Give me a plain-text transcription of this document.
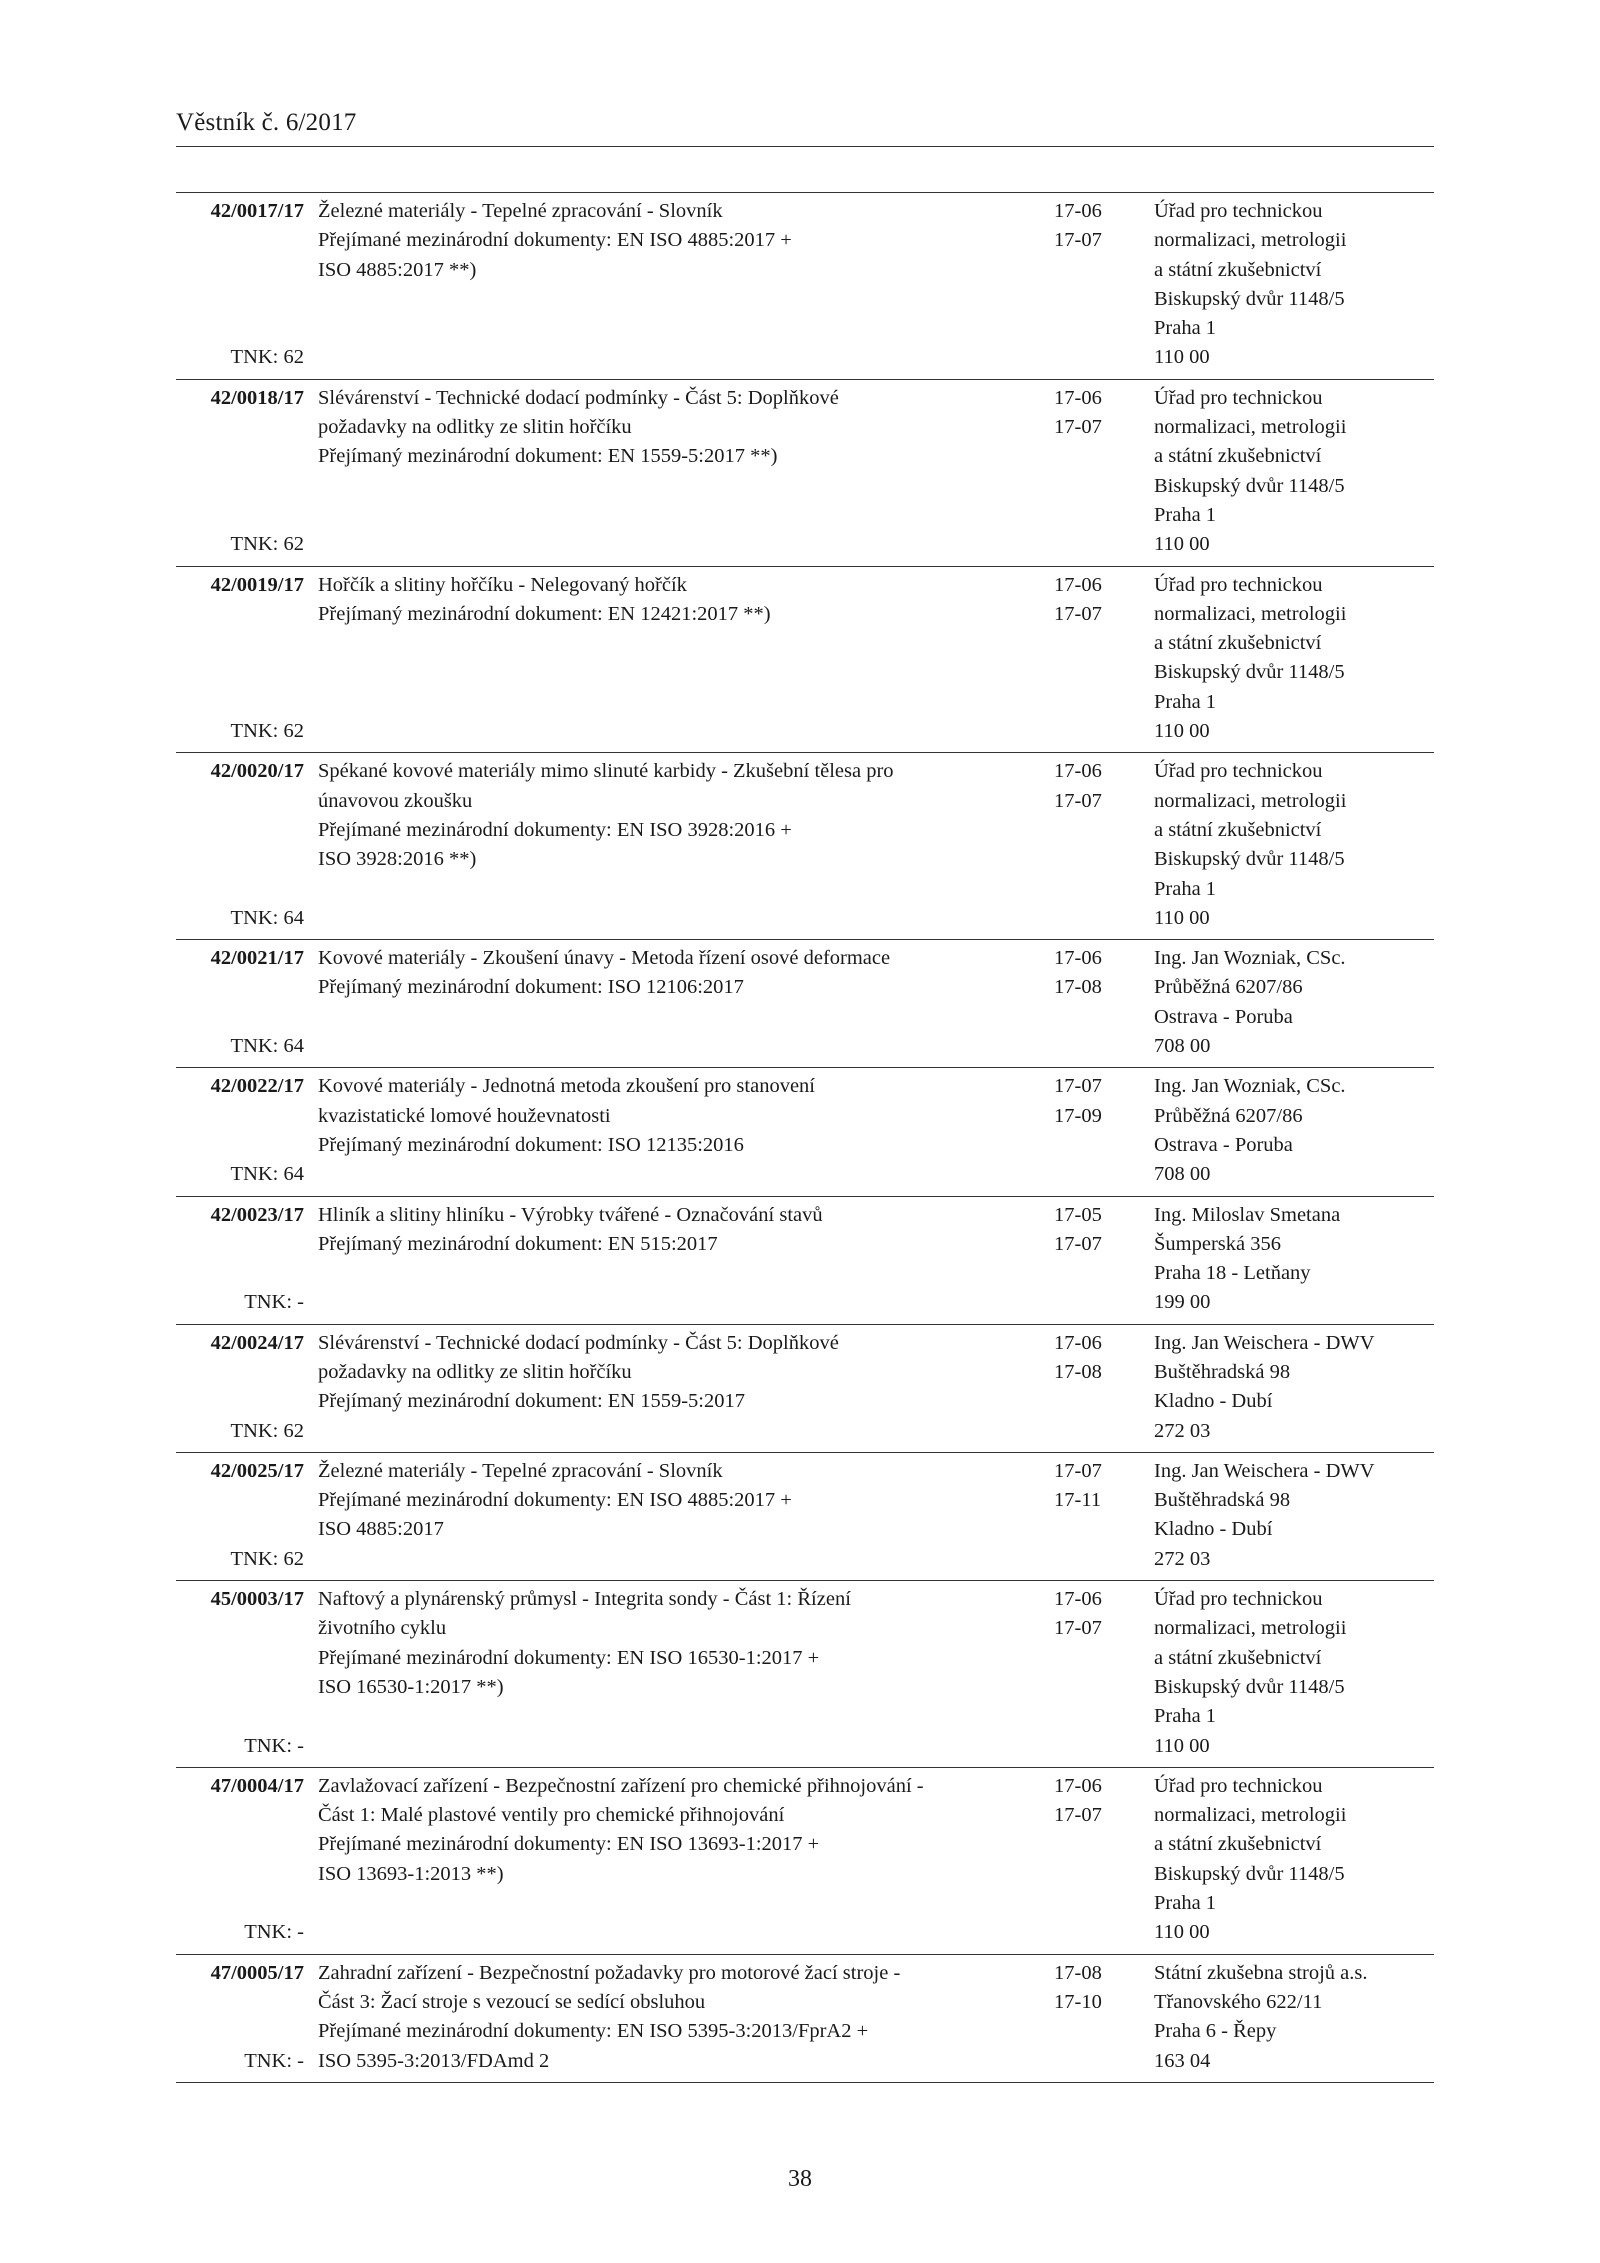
Věstník č. 6/2017
42/0017/17
TNK: 62
Železné materiály - Tepelné zpracování - Slovník
Přejímané mezinárodní dokumenty: EN ISO 4885:2017 +
ISO 4885:2017 **)
17-06
17-07
Úřad pro technickou
normalizaci, metrologii
a státní zkušebnictví
Biskupský dvůr 1148/5
Praha 1
110 00
42/0018/17
TNK: 62
Slévárenství - Technické dodací podmínky - Část 5: Doplňkové
požadavky na odlitky ze slitin hořčíku
Přejímaný mezinárodní dokument: EN 1559-5:2017 **)
17-06
17-07
Úřad pro technickou
normalizaci, metrologii
a státní zkušebnictví
Biskupský dvůr 1148/5
Praha 1
110 00
42/0019/17
TNK: 62
Hořčík a slitiny hořčíku - Nelegovaný hořčík
Přejímaný mezinárodní dokument: EN 12421:2017 **)
17-06
17-07
Úřad pro technickou
normalizaci, metrologii
a státní zkušebnictví
Biskupský dvůr 1148/5
Praha 1
110 00
42/0020/17
TNK: 64
Spékané kovové materiály mimo slinuté karbidy - Zkušební tělesa pro
únavovou zkoušku
Přejímané mezinárodní dokumenty: EN ISO 3928:2016 +
ISO 3928:2016 **)
17-06
17-07
Úřad pro technickou
normalizaci, metrologii
a státní zkušebnictví
Biskupský dvůr 1148/5
Praha 1
110 00
42/0021/17
TNK: 64
Kovové materiály - Zkoušení únavy - Metoda řízení osové deformace
Přejímaný mezinárodní dokument: ISO 12106:2017
17-06
17-08
Ing. Jan Wozniak, CSc.
Průběžná 6207/86
Ostrava - Poruba
708 00
42/0022/17
TNK: 64
Kovové materiály - Jednotná metoda zkoušení pro stanovení
kvazistatické lomové houževnatosti
Přejímaný mezinárodní dokument: ISO 12135:2016
17-07
17-09
Ing. Jan Wozniak, CSc.
Průběžná 6207/86
Ostrava - Poruba
708 00
42/0023/17
TNK: -
Hliník a slitiny hliníku - Výrobky tvářené - Označování stavů
Přejímaný mezinárodní dokument: EN 515:2017
17-05
17-07
Ing. Miloslav Smetana
Šumperská 356
Praha 18 - Letňany
199 00
42/0024/17
TNK: 62
Slévárenství - Technické dodací podmínky - Část 5: Doplňkové
požadavky na odlitky ze slitin hořčíku
Přejímaný mezinárodní dokument: EN 1559-5:2017
17-06
17-08
Ing. Jan Weischera - DWV
Buštěhradská 98
Kladno - Dubí
272 03
42/0025/17
TNK: 62
Železné materiály - Tepelné zpracování - Slovník
Přejímané mezinárodní dokumenty: EN ISO 4885:2017 +
ISO 4885:2017
17-07
17-11
Ing. Jan Weischera - DWV
Buštěhradská 98
Kladno - Dubí
272 03
45/0003/17
TNK: -
Naftový a plynárenský průmysl - Integrita sondy - Část 1: Řízení
životního cyklu
Přejímané mezinárodní dokumenty: EN ISO 16530-1:2017 +
ISO 16530-1:2017 **)
17-06
17-07
Úřad pro technickou
normalizaci, metrologii
a státní zkušebnictví
Biskupský dvůr 1148/5
Praha 1
110 00
47/0004/17
TNK: -
Zavlažovací zařízení - Bezpečnostní zařízení pro chemické přihnojování -
Část 1: Malé plastové ventily pro chemické přihnojování
Přejímané mezinárodní dokumenty: EN ISO 13693-1:2017 +
ISO 13693-1:2013 **)
17-06
17-07
Úřad pro technickou
normalizaci, metrologii
a státní zkušebnictví
Biskupský dvůr 1148/5
Praha 1
110 00
47/0005/17
TNK: -
Zahradní zařízení - Bezpečnostní požadavky pro motorové žací stroje -
Část 3: Žací stroje s vezoucí se sedící obsluhou
Přejímané mezinárodní dokumenty: EN ISO 5395-3:2013/FprA2 +
ISO 5395-3:2013/FDAmd 2
17-08
17-10
Státní zkušebna strojů a.s.
Třanovského 622/11
Praha 6 - Řepy
163 04
38
